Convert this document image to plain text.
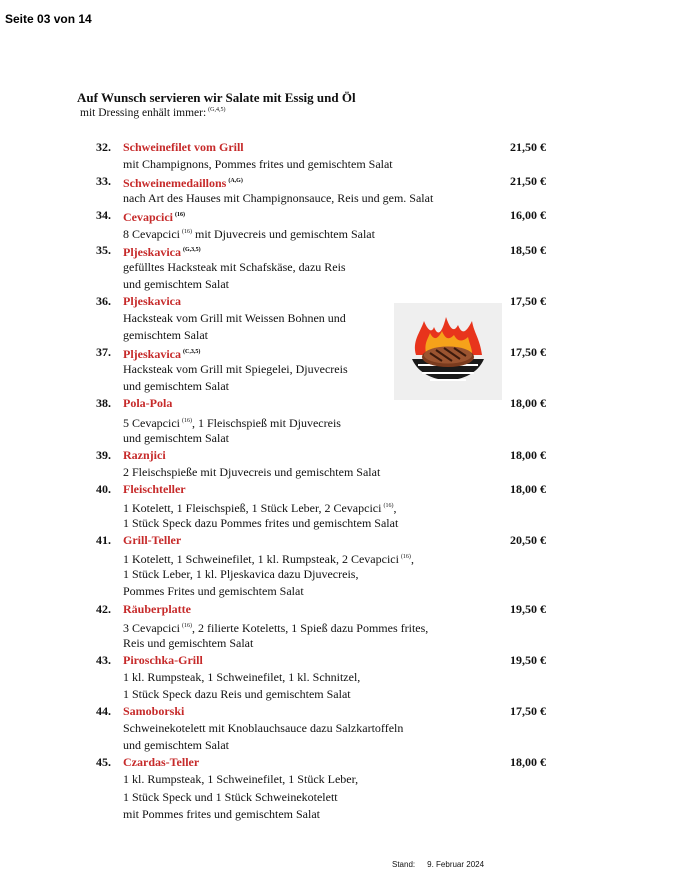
Seite 03 von 14
Auf Wunsch servieren wir Salate mit Essig und Öl
mit Dressing enhält immer: $^{(G,4,5)}$
32.	Schweinefilet vom Grill	21,50 €
mit Champignons, Pommes frites und gemischtem Salat
33.	Schweinemedaillons $^{(A,G)}$	21,50 €
nach Art des Hauses mit Champignonsauce, Reis und gem. Salat
34.	Cevapcici $^{(16)}$	16,00 €
8 Cevapcici $^{(16)}$ mit Djuvecreis und gemischtem Salat
35.	Pljeskavica $^{(G,3,5)}$	18,50 €
gefülltes Hacksteak mit Schafskäse, dazu Reis
und gemischtem Salat
36.	Pljeskavica	17,50 €
Hacksteak vom Grill mit Weissen Bohnen und
gemischtem Salat
37.	Pljeskavica $^{(C,3,5)}$	17,50 €
Hacksteak vom Grill mit Spiegelei, Djuvecreis
und gemischtem Salat
38.	Pola-Pola	18,00 €
5 Cevapcici $^{(16)}$, 1 Fleischspieß mit Djuvecreis
und gemischtem Salat
39.	Raznjici	18,00 €
2 Fleischspieße mit Djuvecreis und gemischtem Salat
40.	Fleischteller	18,00 €
1 Kotelett, 1 Fleischspieß, 1 Stück Leber, 2 Cevapcici $^{(16)}$,
1 Stück Speck dazu Pommes frites und gemischtem Salat
41.	Grill-Teller	20,50 €
1 Kotelett, 1 Schweinefilet, 1 kl. Rumpsteak, 2 Cevapcici $^{(16)}$,
1 Stück Leber, 1 kl. Pljeskavica dazu Djuvecreis,
Pommes Frites und gemischtem Salat
42.	Räuberplatte	19,50 €
3 Cevapcici $^{(16)}$, 2 filierte Koteletts, 1 Spieß dazu Pommes frites,
Reis und gemischtem Salat
43.	Piroschka-Grill	19,50 €
1 kl. Rumpsteak, 1 Schweinefilet, 1 kl. Schnitzel,
1 Stück Speck dazu Reis und gemischtem Salat
44.	Samoborski	17,50 €
Schweinekotelett mit Knoblauchsauce dazu Salzkartoffeln
und gemischtem Salat
45.	Czardas-Teller	18,00 €
1 kl. Rumpsteak, 1 Schweinefilet, 1 Stück Leber,
1 Stück Speck und 1 Stück Schweinekotelett
mit Pommes frites und gemischtem Salat
Stand: 9. Februar 2024
